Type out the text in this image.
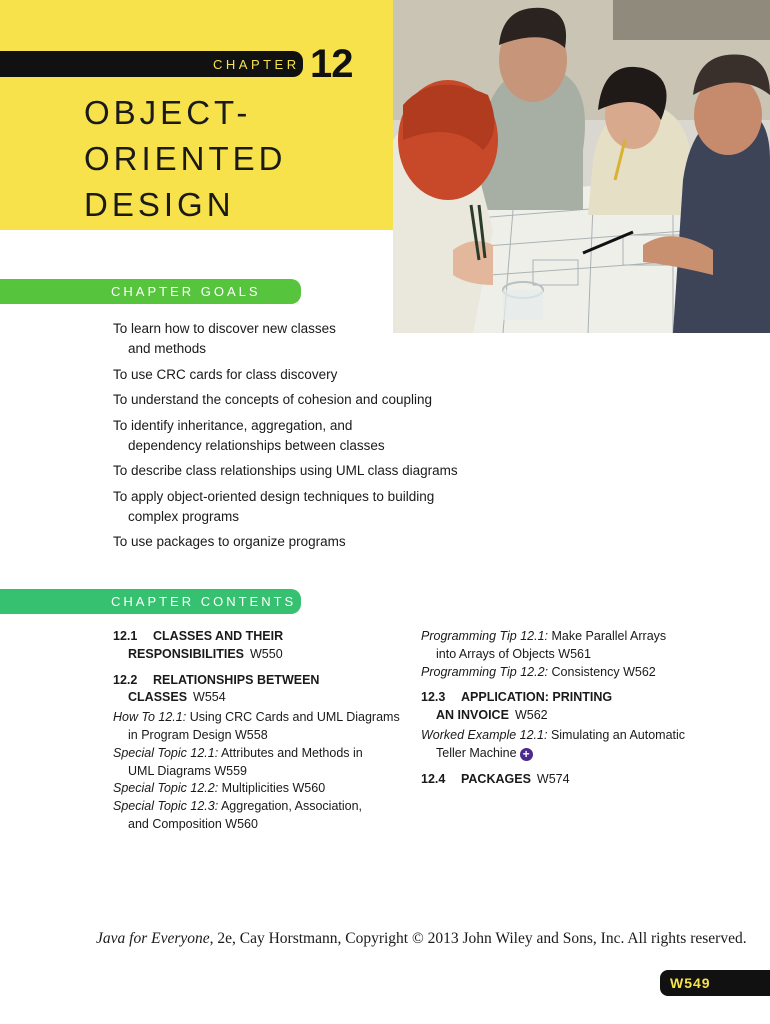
CHAPTER 12
OBJECT-
ORIENTED
DESIGN
CHAPTER GOALS
To learn how to discover new classes
and methods
To use CRC cards for class discovery
To understand the concepts of cohesion and coupling
To identify inheritance, aggregation, and
dependency relationships between classes
To describe class relationships using UML class diagrams
To apply object-oriented design techniques to building
complex programs
To use packages to organize programs
CHAPTER CONTENTS
12.1 CLASSES AND THEIR
RESPONSIBILITIES W550
12.2 RELATIONSHIPS BETWEEN
CLASSES W554
How To 12.1: Using CRC Cards and UML Diagrams
in Program Design W558
Special Topic 12.1: Attributes and Methods in
UML Diagrams W559
Special Topic 12.2: Multiplicities W560
Special Topic 12.3: Aggregation, Association,
and Composition W560
Programming Tip 12.1: Make Parallel Arrays
into Arrays of Objects W561
Programming Tip 12.2: Consistency W562
12.3 APPLICATION: PRINTING
AN INVOICE W562
Worked Example 12.1: Simulating an Automatic
Teller Machine +
12.4 PACKAGES W574
Java for Everyone, 2e, Cay Horstmann, Copyright © 2013 John Wiley and Sons, Inc. All rights reserved.
W549
